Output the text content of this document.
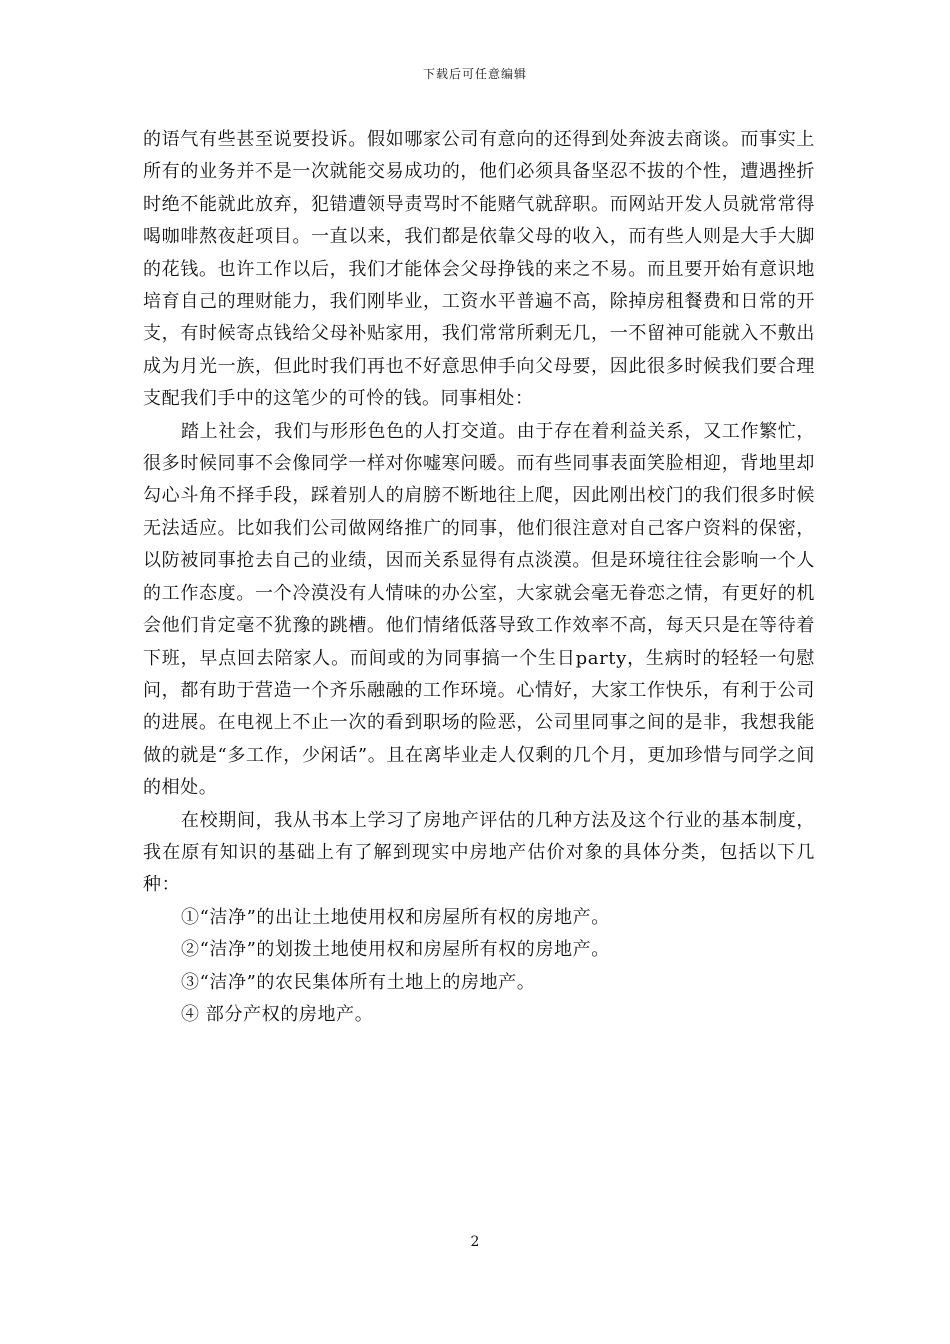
下载后可任意编辑

的语气有些甚至说要投诉。假如哪家公司有意向的还得到处奔波去商谈。而事实上所有的业务并不是一次就能交易成功的，他们必须具备坚忍不拔的个性，遭遇挫折时绝不能就此放弃，犯错遭领导责骂时不能赌气就辞职。而网站开发人员就常常得喝咖啡熬夜赶项目。一直以来，我们都是依靠父母的收入，而有些人则是大手大脚的花钱。也许工作以后，我们才能体会父母挣钱的来之不易。而且要开始有意识地培育自己的理财能力，我们刚毕业，工资水平普遍不高，除掉房租餐费和日常的开支，有时候寄点钱给父母补贴家用，我们常常所剩无几，一不留神可能就入不敷出成为月光一族，但此时我们再也不好意思伸手向父母要，因此很多时候我们要合理支配我们手中的这笔少的可怜的钱。同事相处：

踏上社会，我们与形形色色的人打交道。由于存在着利益关系，又工作繁忙，很多时候同事不会像同学一样对你嘘寒问暖。而有些同事表面笑脸相迎，背地里却勾心斗角不择手段，踩着别人的肩膀不断地往上爬，因此刚出校门的我们很多时候无法适应。比如我们公司做网络推广的同事，他们很注意对自己客户资料的保密，以防被同事抢去自己的业绩，因而关系显得有点淡漠。但是环境往往会影响一个人的工作态度。一个冷漠没有人情味的办公室，大家就会毫无眷恋之情，有更好的机会他们肯定毫不犹豫的跳槽。他们情绪低落导致工作效率不高，每天只是在等待着下班，早点回去陪家人。而间或的为同事搞一个生日party，生病时的轻轻一句慰问，都有助于营造一个齐乐融融的工作环境。心情好，大家工作快乐，有利于公司的进展。在电视上不止一次的看到职场的险恶，公司里同事之间的是非，我想我能做的就是“多工作，少闲话”。且在离毕业走人仅剩的几个月，更加珍惜与同学之间的相处。

在校期间，我从书本上学习了房地产评估的几种方法及这个行业的基本制度，我在原有知识的基础上有了解到现实中房地产估价对象的具体分类，包括以下几种：

①“洁净”的出让土地使用权和房屋所有权的房地产。

②“洁净”的划拨土地使用权和房屋所有权的房地产。

③“洁净”的农民集体所有土地上的房地产。

④ 部分产权的房地产。

2
